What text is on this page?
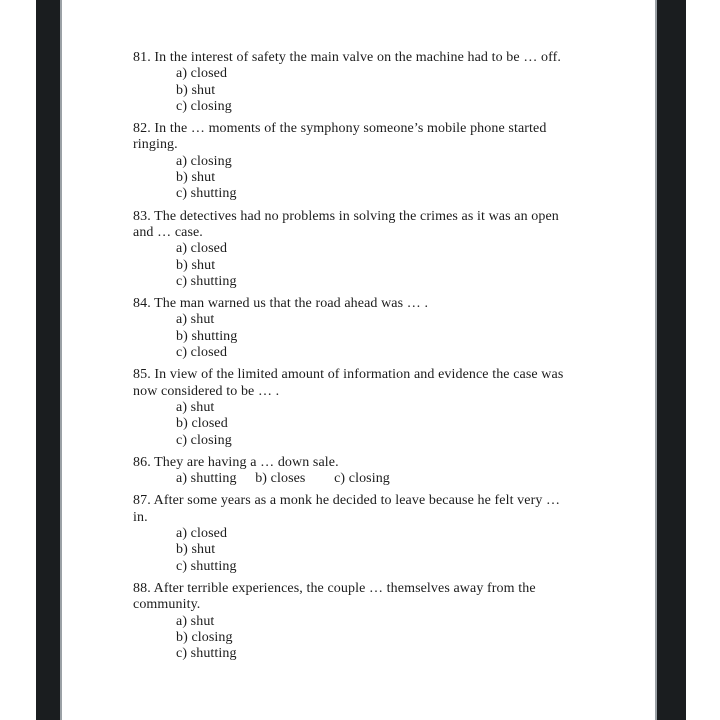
81. In the interest of safety the main valve on the machine had to be … off.
a) closed
b) shut
c) closing
82. In the … moments of the symphony someone’s mobile phone started
ringing.
a) closing
b) shut
c) shutting
83. The detectives had no problems in solving the crimes as it was an open
and … case.
a) closed
b) shut
c) shutting
84. The man warned us that the road ahead was … .
a) shut
b) shutting
c) closed
85. In view of the limited amount of information and evidence the case was
now considered to be … .
a) shut
b) closed
c) closing
86. They are having a … down sale.
a) shutting b) closes c) closing
87. After some years as a monk he decided to leave because he felt very …
in.
a) closed
b) shut
c) shutting
88. After terrible experiences, the couple … themselves away from the
community.
a) shut
b) closing
c) shutting
